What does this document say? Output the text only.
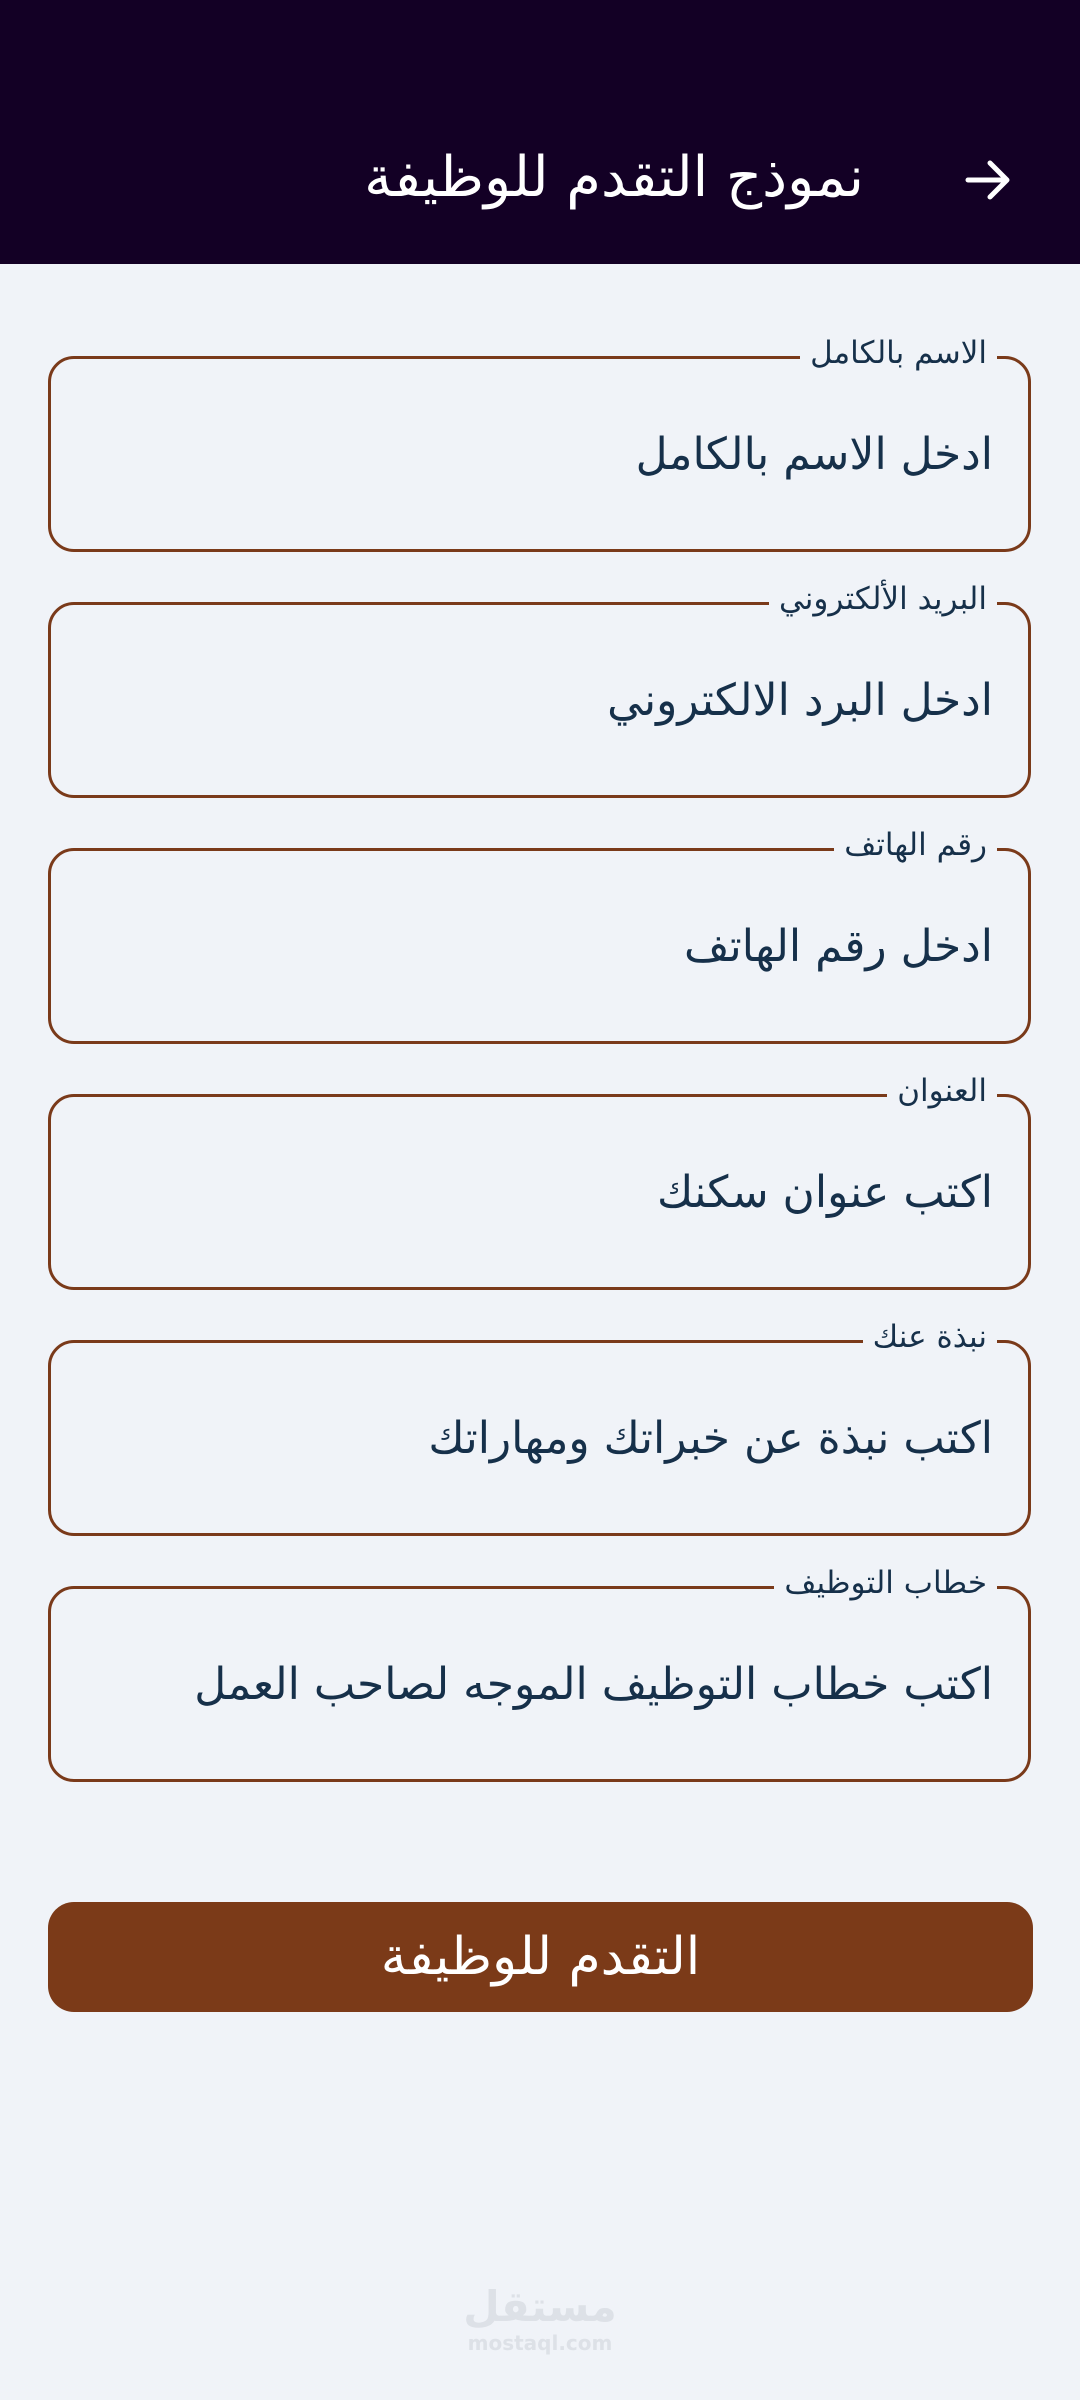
نموذج التقدم للوظيفة
الاسم بالكامل
ادخل الاسم بالكامل
البريد الألكتروني
ادخل البرد الالكتروني
رقم الهاتف
ادخل رقم الهاتف
العنوان
اكتب عنوان سكنك
نبذة عنك
اكتب نبذة عن خبراتك ومهاراتك
خطاب التوظيف
اكتب خطاب التوظيف الموجه لصاحب العمل
التقدم للوظيفة
مستقل
mostaql.com
